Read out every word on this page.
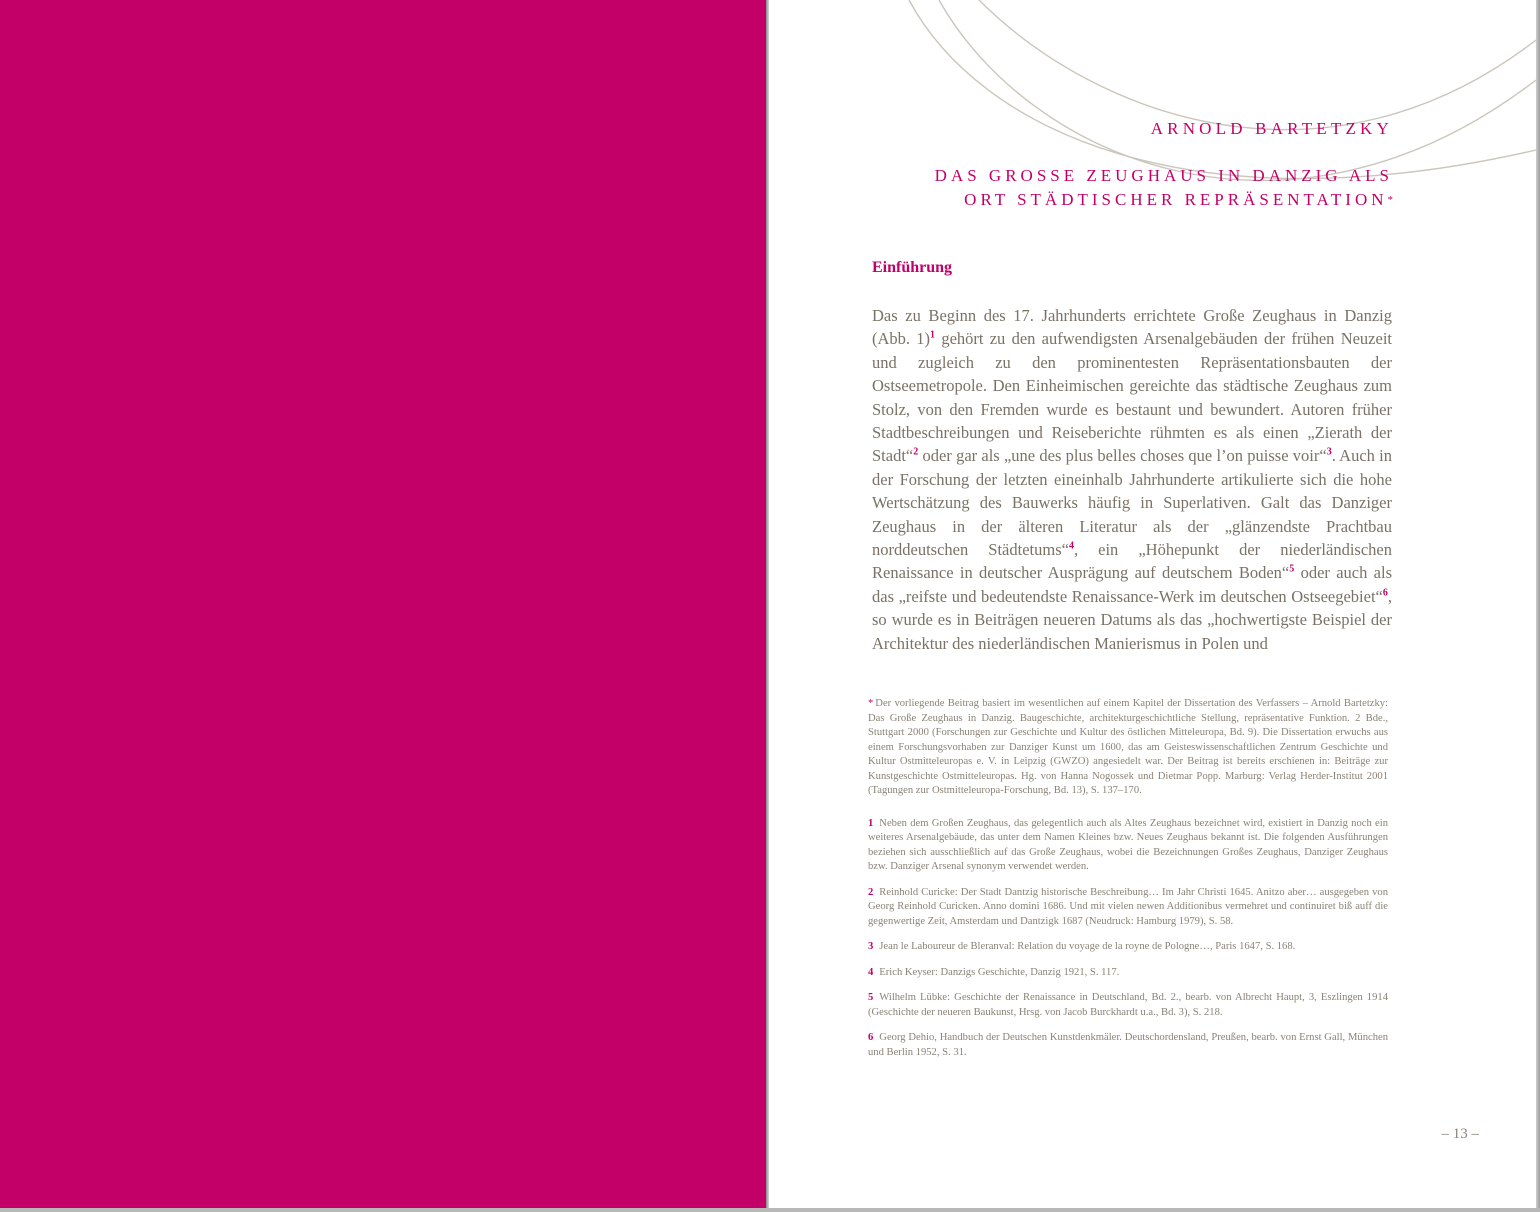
ARNOLD BARTETZKY
DAS GROSSE ZEUGHAUS IN DANZIG ALS
ORT STÄDTISCHER REPRÄSENTATION*
Einführung

Das zu Beginn des 17. Jahrhunderts errichtete Große Zeughaus in Danzig (Abb. 1)$^1$ gehört zu den aufwendigsten Arsenalgebäuden der frühen Neuzeit und zugleich zu den prominentesten Repräsentationsbauten der Ostseemetropole. Den Einheimischen gereichte das städtische Zeughaus zum Stolz, von den Fremden wurde es bestaunt und bewundert. Autoren früher Stadtbeschreibungen und Reiseberichte rühmten es als einen „Zierath der Stadt“$^2$ oder gar als „une des plus belles choses que l’on puisse voir“$^3$. Auch in der Forschung der letzten eineinhalb Jahrhunderte artikulierte sich die hohe Wertschätzung des Bauwerks häufig in Superlativen. Galt das Danziger Zeughaus in der älteren Literatur als der „glänzendste Prachtbau norddeutschen Städtetums“$^4$, ein „Höhepunkt der niederländischen Renaissance in deutscher Ausprägung auf deutschem Boden“$^5$ oder auch als das „reifste und bedeutendste Renaissance-Werk im deutschen Ostseegebiet“$^6$, so wurde es in Beiträgen neueren Datums als das „hochwertigste Beispiel der Architektur des niederländischen Manierismus in Polen und

* Der vorliegende Beitrag basiert im wesentlichen auf einem Kapitel der Dissertation des Verfassers – Arnold Bartetzky: Das Große Zeughaus in Danzig. Baugeschichte, architekturgeschichtliche Stellung, repräsentative Funktion. 2 Bde., Stuttgart 2000 (Forschungen zur Geschichte und Kultur des östlichen Mitteleuropa, Bd. 9). Die Dissertation erwuchs aus einem Forschungsvorhaben zur Danziger Kunst um 1600, das am Geisteswissenschaftlichen Zentrum Geschichte und Kultur Ostmitteleuropas e. V. in Leipzig (GWZO) angesiedelt war. Der Beitrag ist bereits erschienen in: Beiträge zur Kunstgeschichte Ostmitteleuropas. Hg. von Hanna Nogossek und Dietmar Popp. Marburg: Verlag Herder-Institut 2001 (Tagungen zur Ostmitteleuropa-Forschung, Bd. 13), S. 137–170.

1 Neben dem Großen Zeughaus, das gelegentlich auch als Altes Zeughaus bezeichnet wird, existiert in Danzig noch ein weiteres Arsenalgebäude, das unter dem Namen Kleines bzw. Neues Zeughaus bekannt ist. Die folgenden Ausführungen beziehen sich ausschließlich auf das Große Zeughaus, wobei die Bezeichnungen Großes Zeughaus, Danziger Zeughaus bzw. Danziger Arsenal synonym verwendet werden.

2 Reinhold Curicke: Der Stadt Dantzig historische Beschreibung… Im Jahr Christi 1645. Anitzo aber… ausgegeben von Georg Reinhold Curicken. Anno domini 1686. Und mit vielen newen Additionibus vermehret und continuiret biß auff die gegenwertige Zeit, Amsterdam und Dantzigk 1687 (Neudruck: Hamburg 1979), S. 58.

3 Jean le Laboureur de Bleranval: Relation du voyage de la royne de Pologne…, Paris 1647, S. 168.

4 Erich Keyser: Danzigs Geschichte, Danzig 1921, S. 117.

5 Wilhelm Lübke: Geschichte der Renaissance in Deutschland, Bd. 2., bearb. von Albrecht Haupt, 3, Eszlingen 1914 (Geschichte der neueren Baukunst, Hrsg. von Jacob Burckhardt u.a., Bd. 3), S. 218.

6 Georg Dehio, Handbuch der Deutschen Kunstdenkmäler. Deutschordensland, Preußen, bearb. von Ernst Gall, München und Berlin 1952, S. 31.

– 13 –
